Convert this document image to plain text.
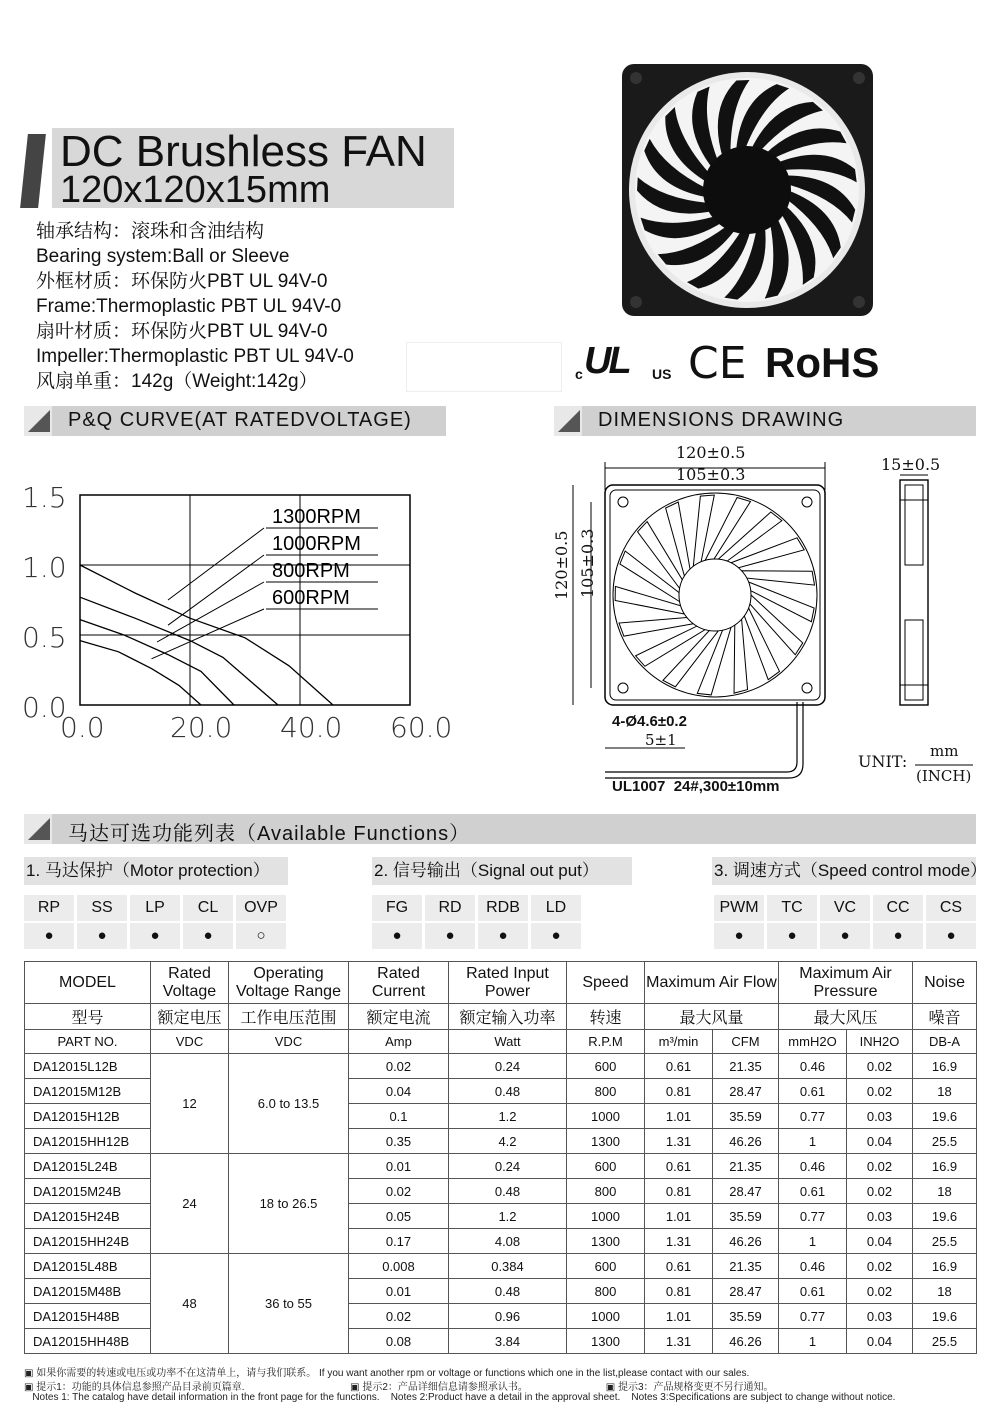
DC Brushless FAN
120x120x15mm
轴承结构：滚珠和含油结构
Bearing system:Ball or Sleeve
外框材质：环保防火PBT UL 94V-0
Frame:Thermoplastic PBT UL 94V-0
扇叶材质：环保防火PBT UL 94V-0
Impeller:Thermoplastic PBT UL 94V-0
风扇单重：142g（Weight:142g）	c UL US CE RoHS
P&Q CURVE(AT RATEDVOLTAGE)	DIMENSIONS DRAWING
0.0
0.5
1.0
1.5
0.0 20.0 40.0 60.0
1300RPM
1000RPM
800RPM
600RPM
120±0.5
105±0.3
120±0.5 105±0.3
15±0.5
4-Ø4.6±0.2
5±1
UL1007  24#,300±10mm
UNIT:
mm
(INCH)
马达可选功能列表（Available Functions）
1. 马达保护（Motor protection）	2. 信号输出（Signal out put）	3. 调速方式（Speed control mode）
RP	SS	LP	CL	OVP
●	●	●	●	○
FG	RD	RDB	LD
●	●	●	●
PWM	TC	VC	CC	CS
●	●	●	●	●
MODEL	Rated Voltage	Operating Voltage Range	Rated Current	Rated Input Power	Speed	Maximum Air Flow		Maximum Air Pressure		Noise
型号	额定电压	工作电压范围	额定电流	额定输入功率	转速	最大风量		最大风压		噪音
PART NO.	VDC	VDC	Amp	Watt	R.P.M	m³/min	CFM	mmH2O	INH2O	DB-A
DA12015L12B	12	6.0 to 13.5	0.02	0.24	600	0.61	21.35	0.46	0.02	16.9
DA12015M12B			0.04	0.48	800	0.81	28.47	0.61	0.02	18
DA12015H12B			0.1	1.2	1000	1.01	35.59	0.77	0.03	19.6
DA12015HH12B			0.35	4.2	1300	1.31	46.26	1	0.04	25.5
DA12015L24B	24	18 to 26.5	0.01	0.24	600	0.61	21.35	0.46	0.02	16.9
DA12015M24B			0.02	0.48	800	0.81	28.47	0.61	0.02	18
DA12015H24B			0.05	1.2	1000	1.01	35.59	0.77	0.03	19.6
DA12015HH24B			0.17	4.08	1300	1.31	46.26	1	0.04	25.5
DA12015L48B	48	36 to 55	0.008	0.384	600	0.61	21.35	0.46	0.02	16.9
DA12015M48B			0.01	0.48	800	0.81	28.47	0.61	0.02	18
DA12015H48B			0.02	0.96	1000	1.01	35.59	0.77	0.03	19.6
DA12015HH48B			0.08	3.84	1300	1.31	46.26	1	0.04	25.5
▣ 如果你需要的转速或电压或功率不在这清单上，请与我们联系。 If you want another rpm or voltage or functions which one in the list,please contact with our sales.
▣ 提示1：功能的具体信息参照产品目录前页篇章.                                      ▣ 提示2：产品详细信息请参照承认书。                            ▣ 提示3：产品规格变更不另行通知。
Notes 1: The catalog have detail information in the front page for the functions.    Notes 2:Product have a detail in the approval sheet.    Notes 3:Specifications are subject to change without notice.
